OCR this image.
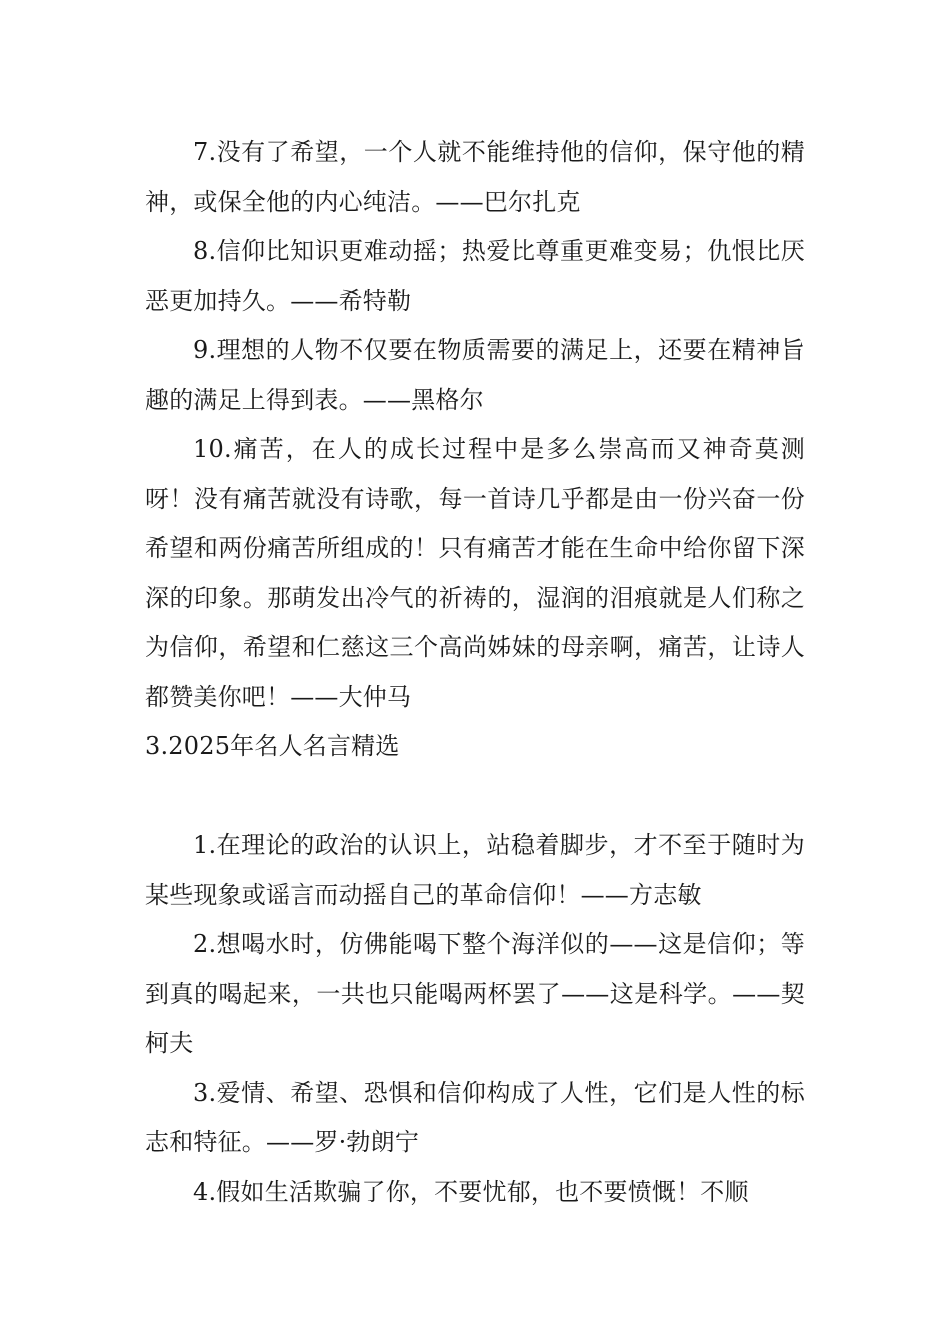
7.没有了希望，一个人就不能维持他的信仰，保守他的精神，或保全他的内心纯洁。——巴尔扎克

8.信仰比知识更难动摇；热爱比尊重更难变易；仇恨比厌恶更加持久。——希特勒

9.理想的人物不仅要在物质需要的满足上，还要在精神旨趣的满足上得到表。——黑格尔

10.痛苦，在人的成长过程中是多么崇高而又神奇莫测呀！没有痛苦就没有诗歌，每一首诗几乎都是由一份兴奋一份希望和两份痛苦所组成的！只有痛苦才能在生命中给你留下深深的印象。那萌发出冷气的祈祷的，湿润的泪痕就是人们称之为信仰，希望和仁慈这三个高尚姊妹的母亲啊，痛苦，让诗人都赞美你吧！——大仲马

3.2025年名人名言精选

1.在理论的政治的认识上，站稳着脚步，才不至于随时为某些现象或谣言而动摇自己的革命信仰！——方志敏

2.想喝水时，仿佛能喝下整个海洋似的——这是信仰；等到真的喝起来，一共也只能喝两杯罢了——这是科学。——契柯夫

3.爱情、希望、恐惧和信仰构成了人性，它们是人性的标志和特征。——罗·勃朗宁

4.假如生活欺骗了你，不要忧郁，也不要愤慨！不顺
